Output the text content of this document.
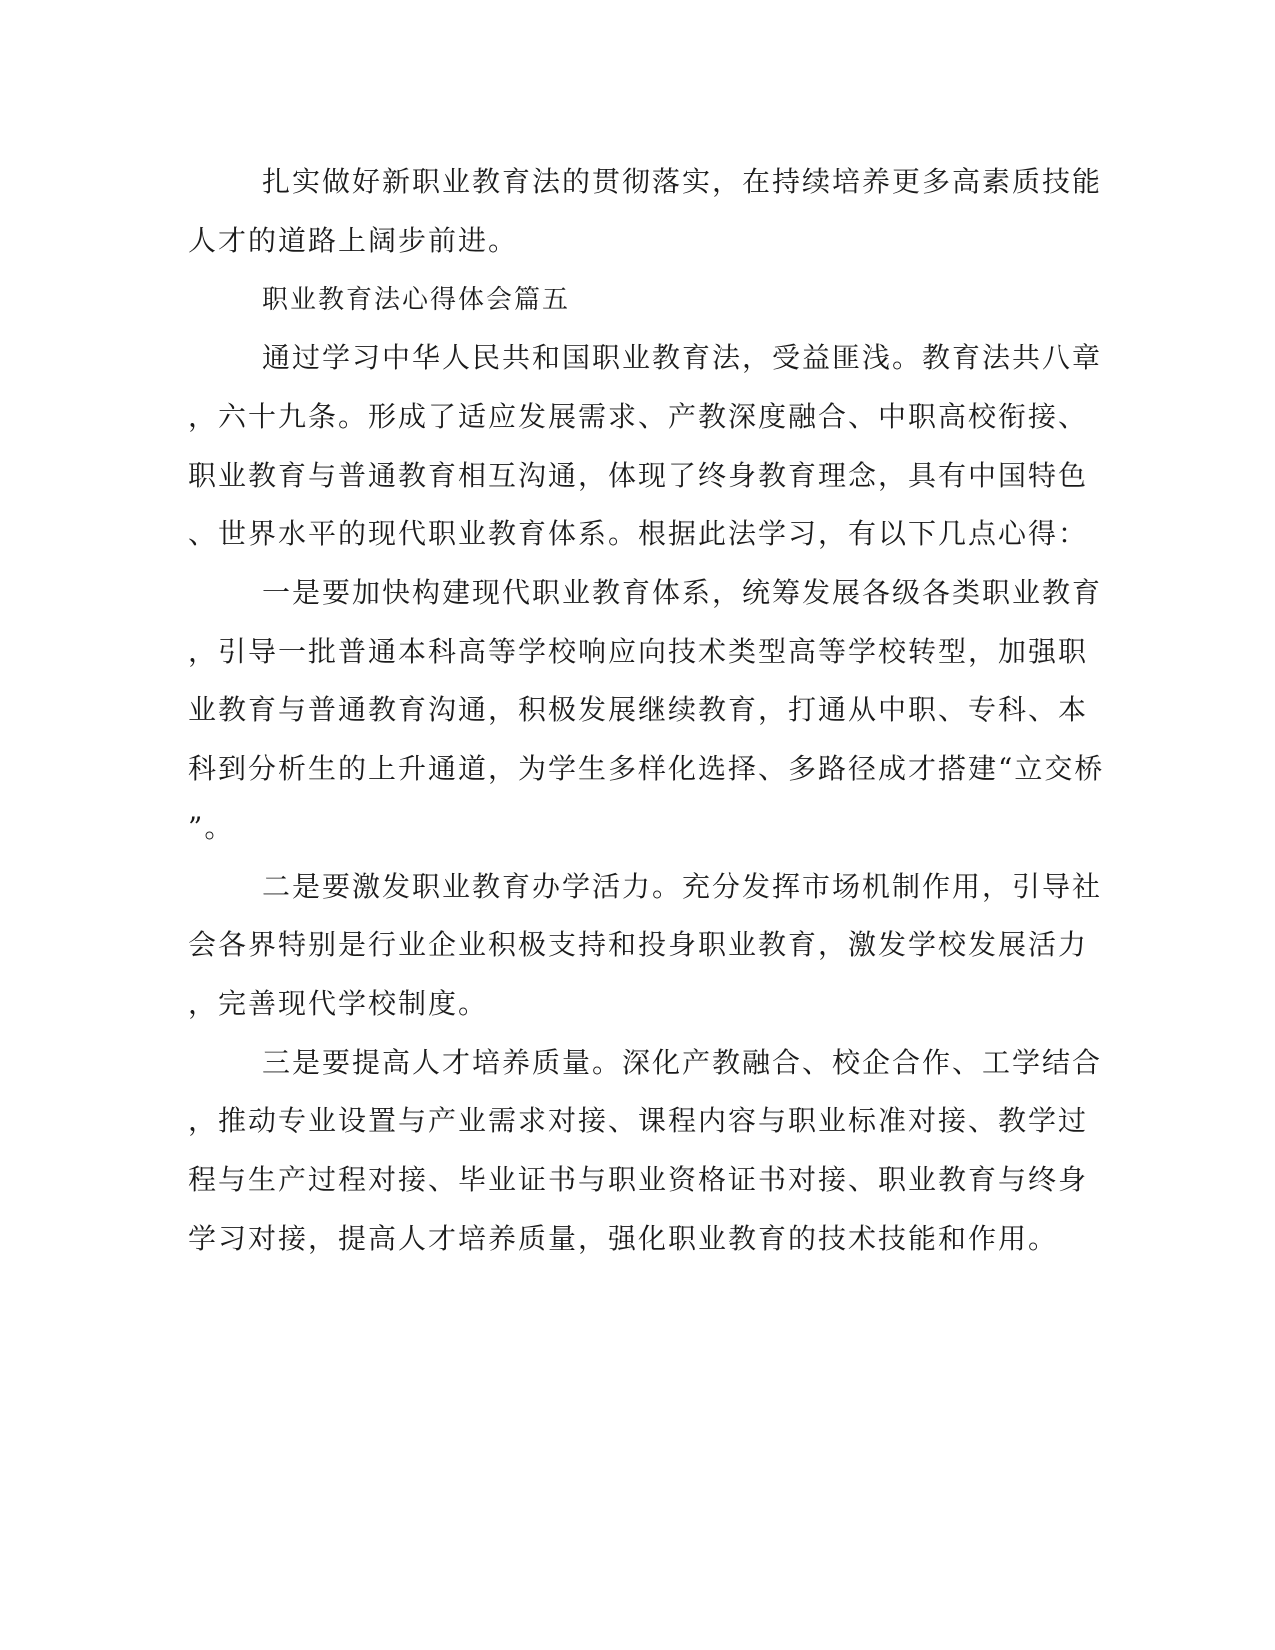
扎实做好新职业教育法的贯彻落实，在持续培养更多高素质技能
人才的道路上阔步前进。
职业教育法心得体会篇五
通过学习中华人民共和国职业教育法，受益匪浅。教育法共八章
，六十九条。形成了适应发展需求、产教深度融合、中职高校衔接、
职业教育与普通教育相互沟通，体现了终身教育理念，具有中国特色
、世界水平的现代职业教育体系。根据此法学习，有以下几点心得：
一是要加快构建现代职业教育体系，统筹发展各级各类职业教育
，引导一批普通本科高等学校响应向技术类型高等学校转型，加强职
业教育与普通教育沟通，积极发展继续教育，打通从中职、专科、本
科到分析生的上升通道，为学生多样化选择、多路径成才搭建“立交桥
”。
二是要激发职业教育办学活力。充分发挥市场机制作用，引导社
会各界特别是行业企业积极支持和投身职业教育，激发学校发展活力
，完善现代学校制度。
三是要提高人才培养质量。深化产教融合、校企合作、工学结合
，推动专业设置与产业需求对接、课程内容与职业标准对接、教学过
程与生产过程对接、毕业证书与职业资格证书对接、职业教育与终身
学习对接，提高人才培养质量，强化职业教育的技术技能和作用。
